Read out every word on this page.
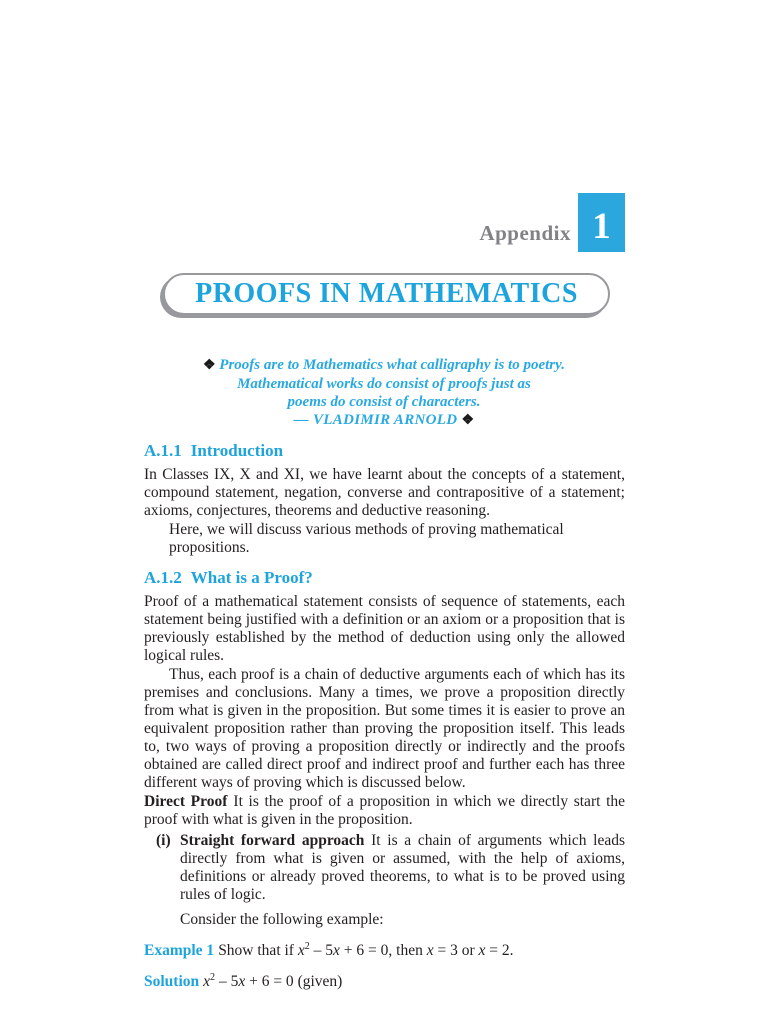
Appendix 1
PROOFS IN MATHEMATICS
❖ Proofs are to Mathematics what calligraphy is to poetry.
Mathematical works do consist of proofs just as
poems do consist of characters.
— VLADIMIR ARNOLD ❖
A.1.1 Introduction

In Classes IX, X and XI, we have learnt about the concepts of a statement, compound statement, negation, converse and contrapositive of a statement; axioms, conjectures, theorems and deductive reasoning.

Here, we will discuss various methods of proving mathematical propositions.

A.1.2 What is a Proof?

Proof of a mathematical statement consists of sequence of statements, each statement being justified with a definition or an axiom or a proposition that is previously established by the method of deduction using only the allowed logical rules.

Thus, each proof is a chain of deductive arguments each of which has its premises and conclusions. Many a times, we prove a proposition directly from what is given in the proposition. But some times it is easier to prove an equivalent proposition rather than proving the proposition itself. This leads to, two ways of proving a proposition directly or indirectly and the proofs obtained are called direct proof and indirect proof and further each has three different ways of proving which is discussed below.

Direct Proof It is the proof of a proposition in which we directly start the proof with what is given in the proposition.

(i) Straight forward approach It is a chain of arguments which leads directly from what is given or assumed, with the help of axioms, definitions or already proved theorems, to what is to be proved using rules of logic.

Consider the following example:

Example 1 Show that if $x^2 - 5x + 6 = 0$, then x = 3 or x = 2.

Solution $x^2 - 5x + 6 = 0$ (given)
